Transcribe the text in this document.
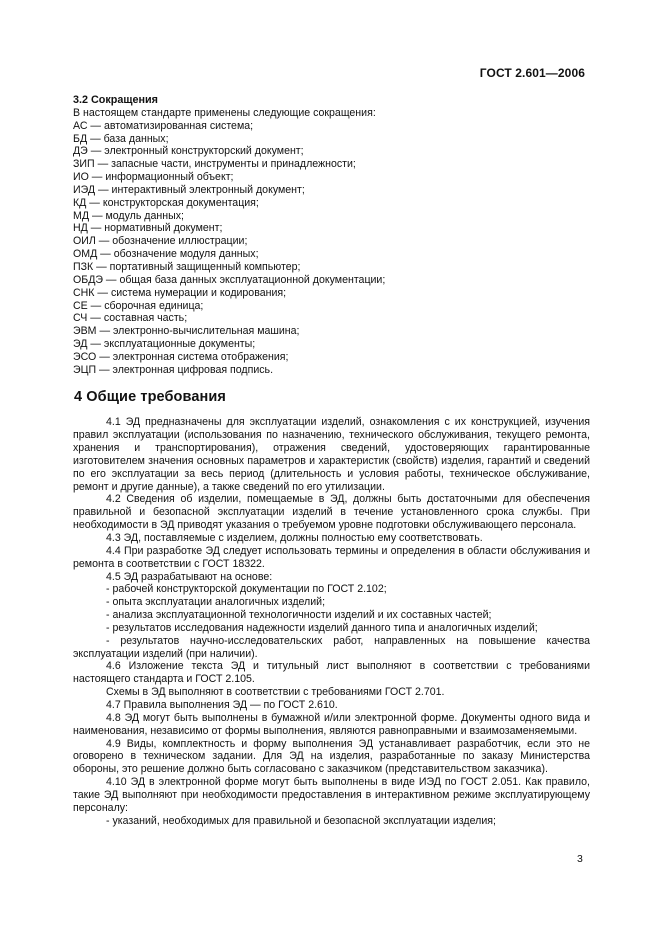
ГОСТ 2.601—2006
3.2 Сокращения
В настоящем стандарте применены следующие сокращения:
АС — автоматизированная система;
БД — база данных;
ДЭ — электронный конструкторский документ;
ЗИП — запасные части, инструменты и принадлежности;
ИО — информационный объект;
ИЭД — интерактивный электронный документ;
КД — конструкторская документация;
МД — модуль данных;
НД — нормативный документ;
ОИЛ — обозначение иллюстрации;
ОМД — обозначение модуля данных;
ПЗК — портативный защищенный компьютер;
ОБДЭ — общая база данных эксплуатационной документации;
СНК — система нумерации и кодирования;
СЕ — сборочная единица;
СЧ — составная часть;
ЭВМ — электронно-вычислительная машина;
ЭД — эксплуатационные документы;
ЭСО — электронная система отображения;
ЭЦП — электронная цифровая подпись.
4 Общие требования

4.1 ЭД предназначены для эксплуатации изделий, ознакомления с их конструкцией, изучения правил эксплуатации (использования по назначению, технического обслуживания, текущего ремонта, хранения и транспортирования), отражения сведений, удостоверяющих гарантированные изготовителем значения основных параметров и характеристик (свойств) изделия, гарантий и сведений по его эксплуатации за весь период (длительность и условия работы, техническое обслуживание, ремонт и другие данные), а также сведений по его утилизации.

4.2 Сведения об изделии, помещаемые в ЭД, должны быть достаточными для обеспечения правильной и безопасной эксплуатации изделий в течение установленного срока службы. При необходимости в ЭД приводят указания о требуемом уровне подготовки обслуживающего персонала.

4.3 ЭД, поставляемые с изделием, должны полностью ему соответствовать.

4.4 При разработке ЭД следует использовать термины и определения в области обслуживания и ремонта в соответствии с ГОСТ 18322.

4.5 ЭД разрабатывают на основе:

- рабочей конструкторской документации по ГОСТ 2.102;

- опыта эксплуатации аналогичных изделий;

- анализа эксплуатационной технологичности изделий и их составных частей;

- результатов исследования надежности изделий данного типа и аналогичных изделий;

- результатов научно-исследовательских работ, направленных на повышение качества эксплуатации изделий (при наличии).

4.6 Изложение текста ЭД и титульный лист выполняют в соответствии с требованиями настоящего стандарта и ГОСТ 2.105.

Схемы в ЭД выполняют в соответствии с требованиями ГОСТ 2.701.

4.7 Правила выполнения ЭД — по ГОСТ 2.610.

4.8 ЭД могут быть выполнены в бумажной и/или электронной форме. Документы одного вида и наименования, независимо от формы выполнения, являются равноправными и взаимозаменяемыми.

4.9 Виды, комплектность и форму выполнения ЭД устанавливает разработчик, если это не оговорено в техническом задании. Для ЭД на изделия, разработанные по заказу Министерства обороны, это решение должно быть согласовано с заказчиком (представительством заказчика).

4.10 ЭД в электронной форме могут быть выполнены в виде ИЭД по ГОСТ 2.051. Как правило, такие ЭД выполняют при необходимости предоставления в интерактивном режиме эксплуатирующему персоналу:

- указаний, необходимых для правильной и безопасной эксплуатации изделия;

3
